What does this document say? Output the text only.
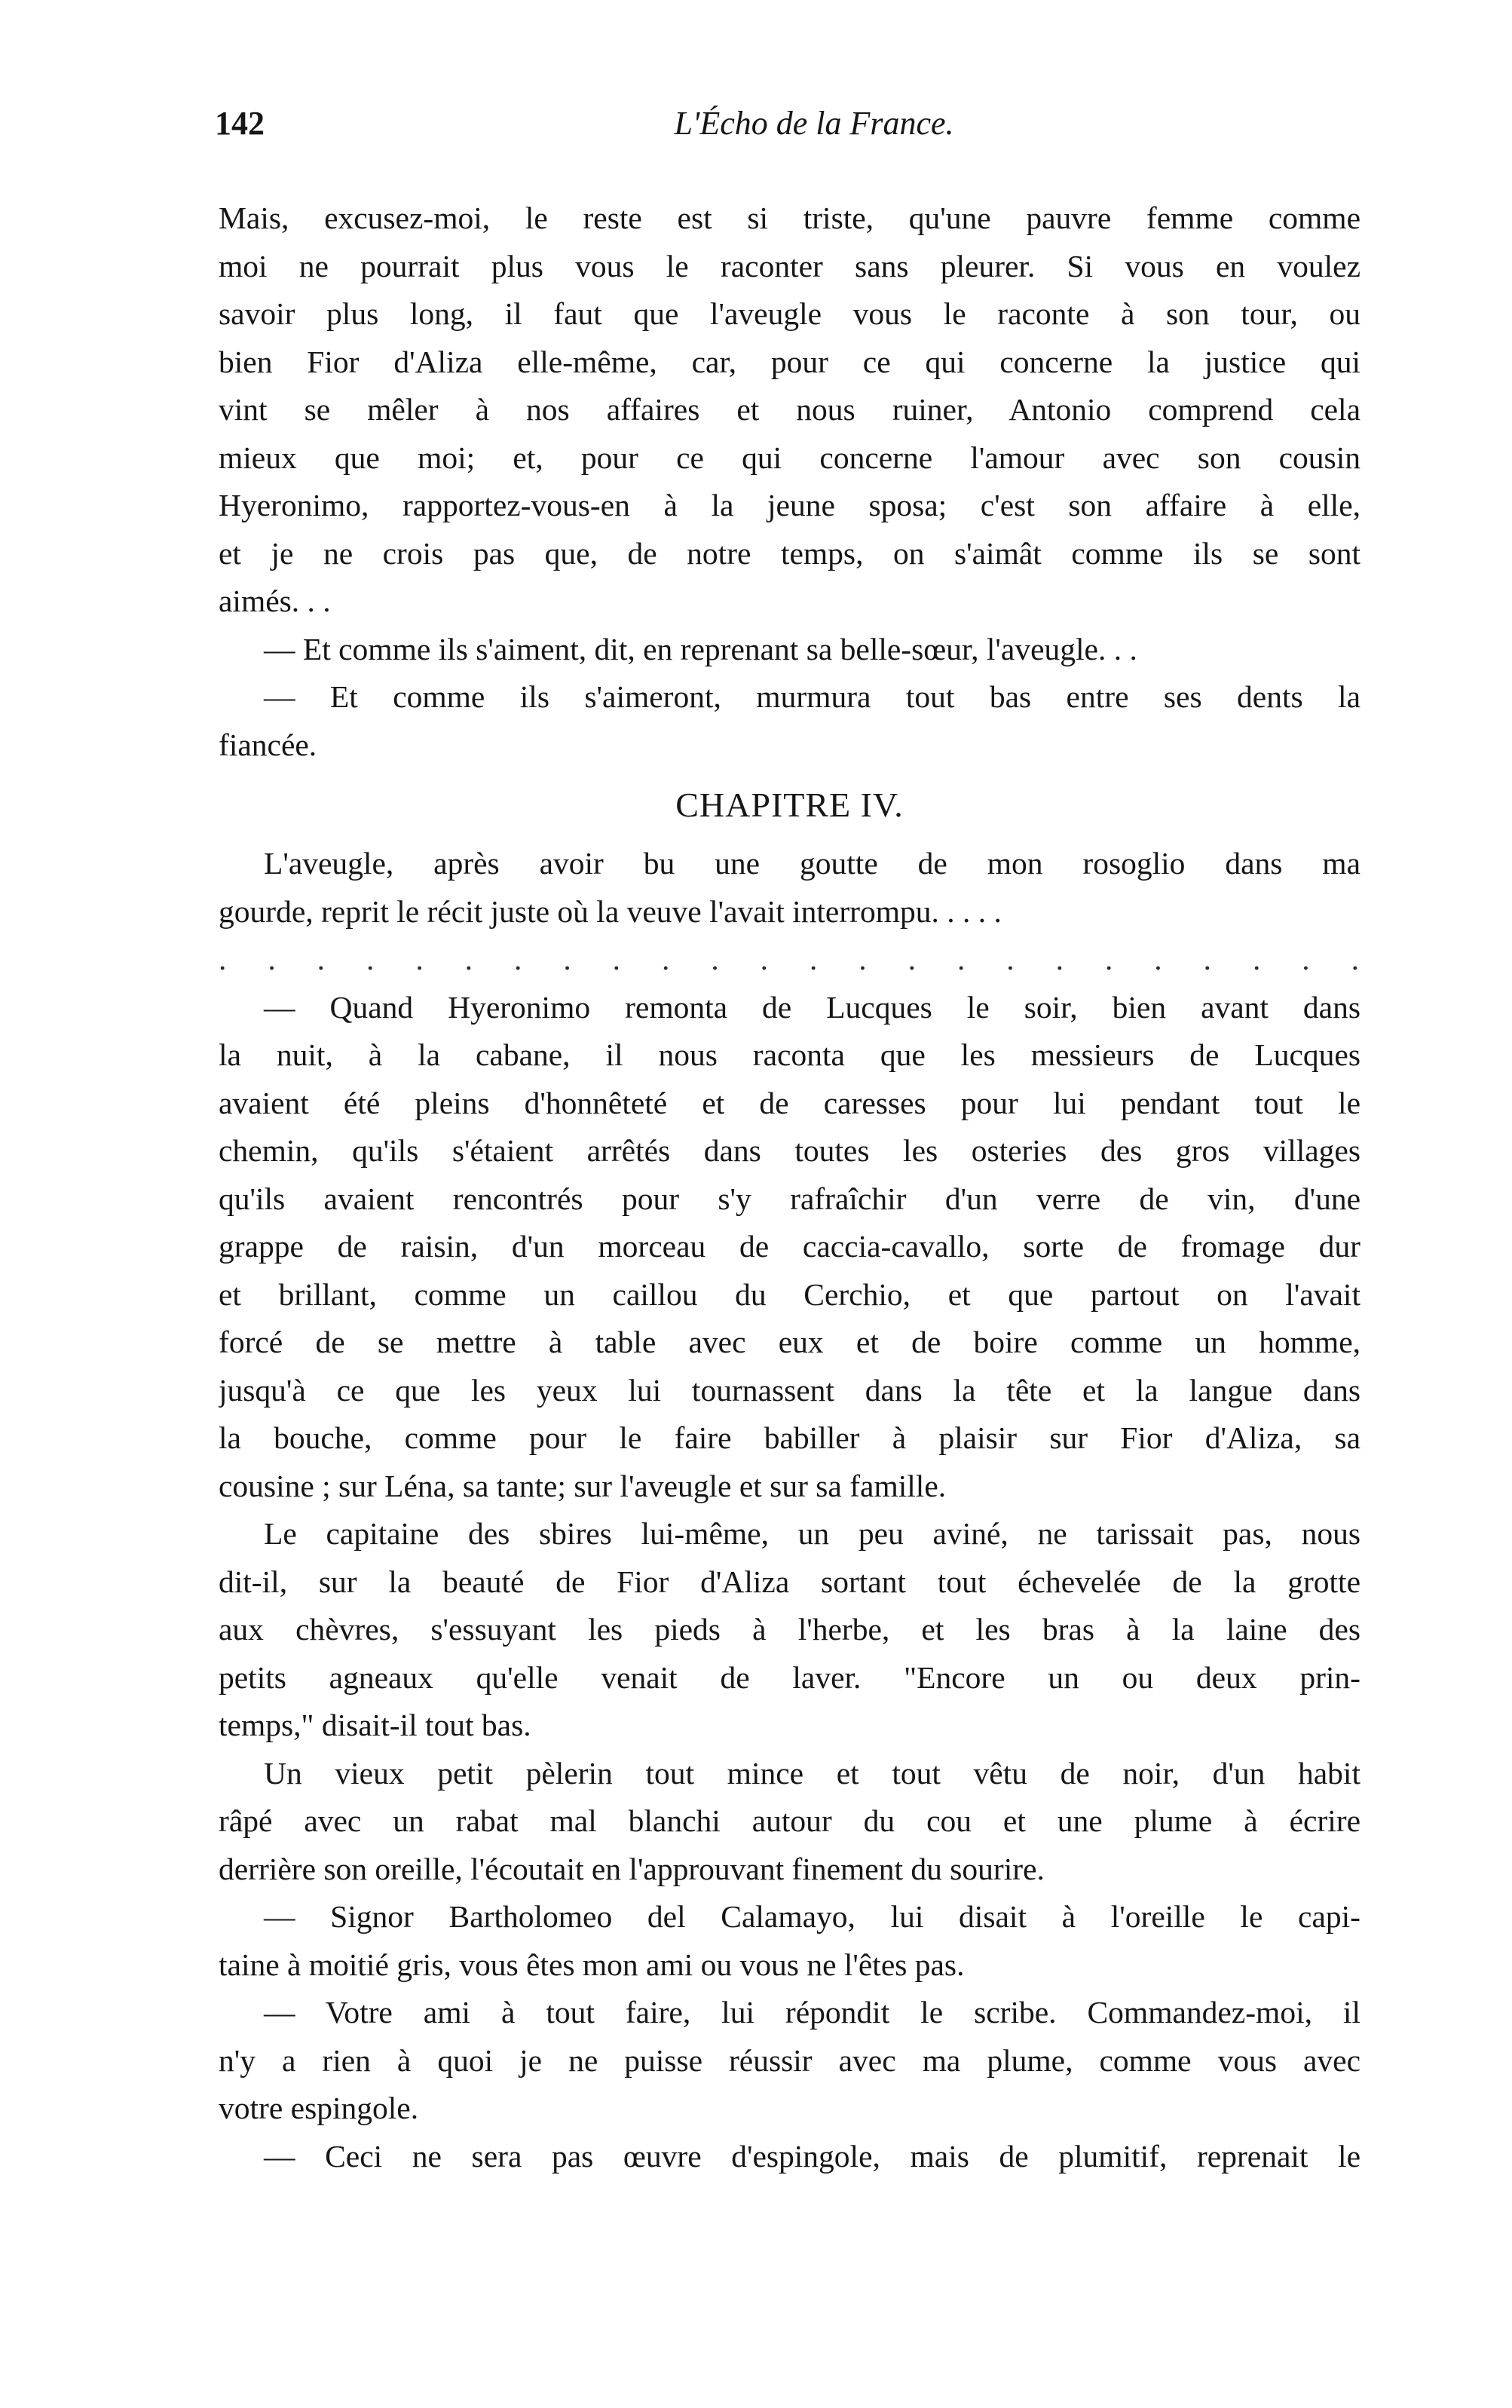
142	L'Écho de la France.

Mais, excusez-moi, le reste est si triste, qu'une pauvre femme comme
moi ne pourrait plus vous le raconter sans pleurer. Si vous en voulez
savoir plus long, il faut que l'aveugle vous le raconte à son tour, ou
bien Fior d'Aliza elle-même, car, pour ce qui concerne la justice qui
vint se mêler à nos affaires et nous ruiner, Antonio comprend cela
mieux que moi; et, pour ce qui concerne l'amour avec son cousin
Hyeronimo, rapportez-vous-en à la jeune sposa; c'est son affaire à elle,
et je ne crois pas que, de notre temps, on s'aimât comme ils se sont
aimés. . .

— Et comme ils s'aiment, dit, en reprenant sa belle-sœur, l'aveugle. . .

— Et comme ils s'aimeront, murmura tout bas entre ses dents la
fiancée.

CHAPITRE IV.

L'aveugle, après avoir bu une goutte de mon rosoglio dans ma
gourde, reprit le récit juste où la veuve l'avait interrompu. . . . .

. . . . . . . . . . . . . . . . . . . . . . . .

— Quand Hyeronimo remonta de Lucques le soir, bien avant dans
la nuit, à la cabane, il nous raconta que les messieurs de Lucques
avaient été pleins d'honnêteté et de caresses pour lui pendant tout le
chemin, qu'ils s'étaient arrêtés dans toutes les osteries des gros villages
qu'ils avaient rencontrés pour s'y rafraîchir d'un verre de vin, d'une
grappe de raisin, d'un morceau de caccia-cavallo, sorte de fromage dur
et brillant, comme un caillou du Cerchio, et que partout on l'avait
forcé de se mettre à table avec eux et de boire comme un homme,
jusqu'à ce que les yeux lui tournassent dans la tête et la langue dans
la bouche, comme pour le faire babiller à plaisir sur Fior d'Aliza, sa
cousine ; sur Léna, sa tante; sur l'aveugle et sur sa famille.

Le capitaine des sbires lui-même, un peu aviné, ne tarissait pas, nous
dit-il, sur la beauté de Fior d'Aliza sortant tout échevelée de la grotte
aux chèvres, s'essuyant les pieds à l'herbe, et les bras à la laine des
petits agneaux qu'elle venait de laver. "Encore un ou deux prin-
temps," disait-il tout bas.

Un vieux petit pèlerin tout mince et tout vêtu de noir, d'un habit
râpé avec un rabat mal blanchi autour du cou et une plume à écrire
derrière son oreille, l'écoutait en l'approuvant finement du sourire.

— Signor Bartholomeo del Calamayo, lui disait à l'oreille le capi-
taine à moitié gris, vous êtes mon ami ou vous ne l'êtes pas.

— Votre ami à tout faire, lui répondit le scribe. Commandez-moi, il
n'y a rien à quoi je ne puisse réussir avec ma plume, comme vous avec
votre espingole.

— Ceci ne sera pas œuvre d'espingole, mais de plumitif, reprenait le
